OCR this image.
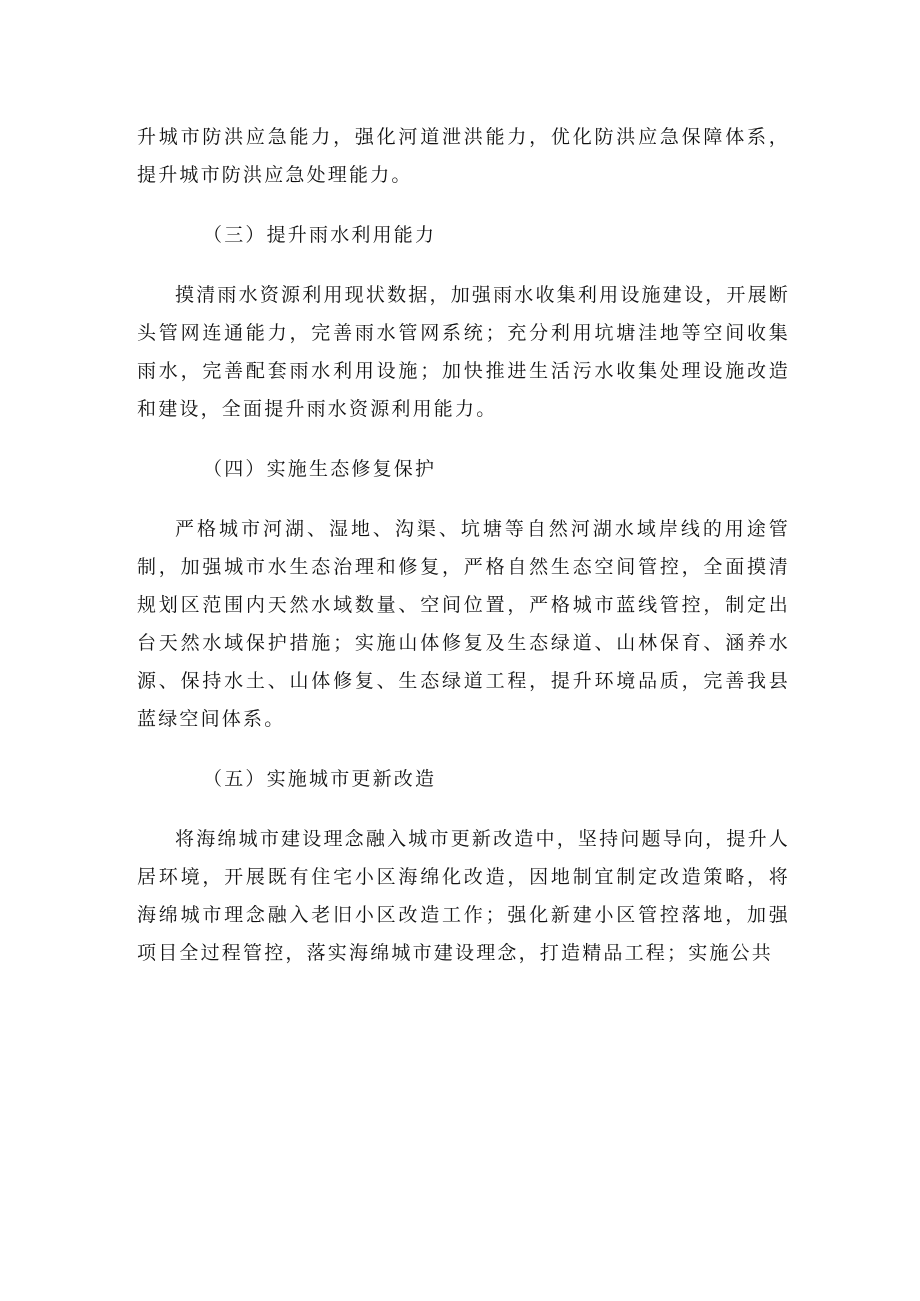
升城市防洪应急能力，强化河道泄洪能力，优化防洪应急保障体系，提升城市防洪应急处理能力。

（三）提升雨水利用能力

摸清雨水资源利用现状数据，加强雨水收集利用设施建设，开展断头管网连通能力，完善雨水管网系统；充分利用坑塘洼地等空间收集雨水，完善配套雨水利用设施；加快推进生活污水收集处理设施改造和建设，全面提升雨水资源利用能力。

（四）实施生态修复保护

严格城市河湖、湿地、沟渠、坑塘等自然河湖水域岸线的用途管制，加强城市水生态治理和修复，严格自然生态空间管控，全面摸清规划区范围内天然水域数量、空间位置，严格城市蓝线管控，制定出台天然水域保护措施；实施山体修复及生态绿道、山林保育、涵养水源、保持水土、山体修复、生态绿道工程，提升环境品质，完善我县蓝绿空间体系。

（五）实施城市更新改造

将海绵城市建设理念融入城市更新改造中，坚持问题导向，提升人居环境，开展既有住宅小区海绵化改造，因地制宜制定改造策略，将海绵城市理念融入老旧小区改造工作；强化新建小区管控落地，加强项目全过程管控，落实海绵城市建设理念，打造精品工程；实施公共
